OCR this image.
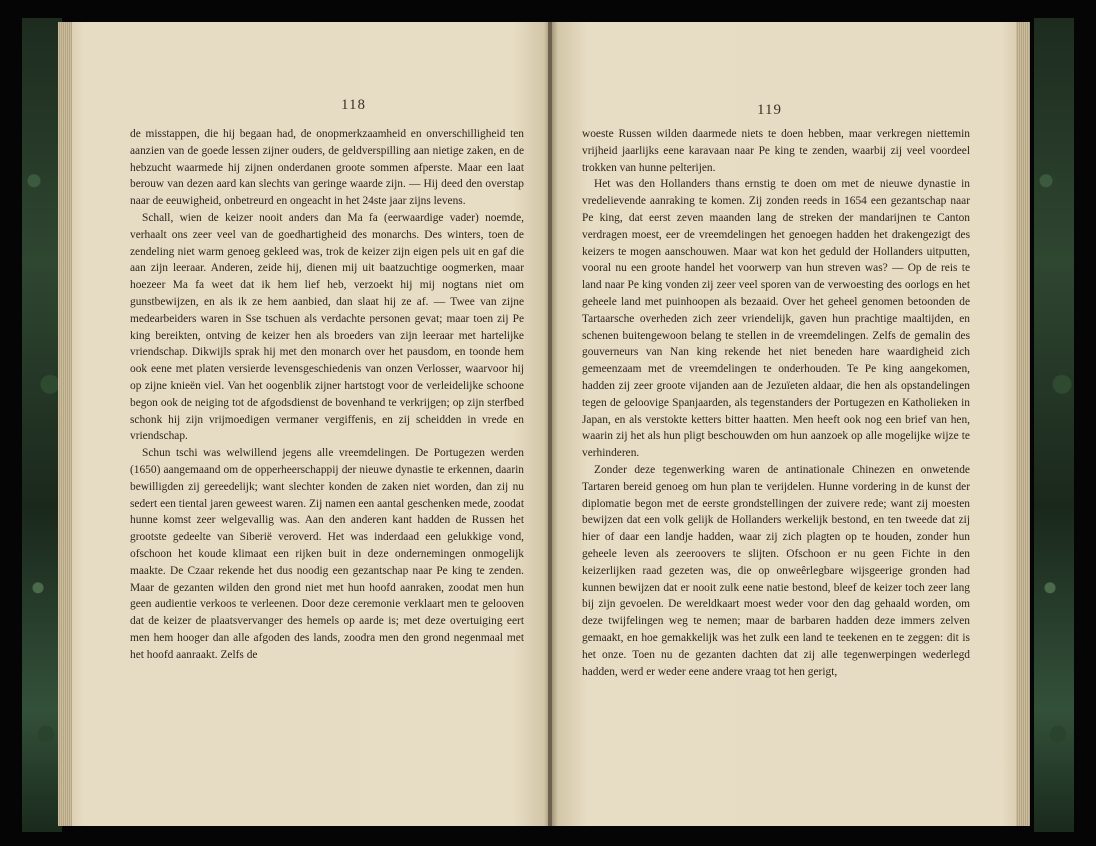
118

de misstappen, die hij begaan had, de onopmerkzaamheid en onverschilligheid ten aanzien van de goede lessen zijner ouders, de geldverspilling aan nietige zaken, en de hebzucht waarmede hij zijnen onderdanen groote sommen afperste. Maar een laat berouw van dezen aard kan slechts van geringe waarde zijn. — Hij deed den overstap naar de eeuwigheid, onbetreurd en ongeacht in het 24ste jaar zijns levens.

Schall, wien de keizer nooit anders dan Ma fa (eerwaardige vader) noemde, verhaalt ons zeer veel van de goedhartigheid des monarchs. Des winters, toen de zendeling niet warm genoeg gekleed was, trok de keizer zijn eigen pels uit en gaf die aan zijn leeraar. Anderen, zeide hij, dienen mij uit baatzuchtige oogmerken, maar hoezeer Ma fa weet dat ik hem lief heb, verzoekt hij mij nogtans niet om gunstbewijzen, en als ik ze hem aanbied, dan slaat hij ze af. — Twee van zijne medearbeiders waren in Sse tschuen als verdachte personen gevat; maar toen zij Pe king bereikten, ontving de keizer hen als broeders van zijn leeraar met hartelijke vriendschap. Dikwijls sprak hij met den monarch over het pausdom, en toonde hem ook eene met platen versierde levensgeschiedenis van onzen Verlosser, waarvoor hij op zijne knieën viel. Van het oogenblik zijner hartstogt voor de verleidelijke schoone begon ook de neiging tot de afgodsdienst de bovenhand te verkrijgen; op zijn sterfbed schonk hij zijn vrijmoedigen vermaner vergiffenis, en zij scheidden in vrede en vriendschap.

Schun tschi was welwillend jegens alle vreemdelingen. De Portugezen werden (1650) aangemaand om de opperheerschappij der nieuwe dynastie te erkennen, daarin bewilligden zij gereedelijk; want slechter konden de zaken niet worden, dan zij nu sedert een tiental jaren geweest waren. Zij namen een aantal geschenken mede, zoodat hunne komst zeer welgevallig was. Aan den anderen kant hadden de Russen het grootste gedeelte van Siberië veroverd. Het was inderdaad een gelukkige vond, ofschoon het koude klimaat een rijken buit in deze ondernemingen onmogelijk maakte. De Czaar rekende het dus noodig een gezantschap naar Pe king te zenden. Maar de gezanten wilden den grond niet met hun hoofd aanraken, zoodat men hun geen audientie verkoos te verleenen. Door deze ceremonie verklaart men te gelooven dat de keizer de plaatsvervanger des hemels op aarde is; met deze overtuiging eert men hem hooger dan alle afgoden des lands, zoodra men den grond negenmaal met het hoofd aanraakt. Zelfs de

119

woeste Russen wilden daarmede niets te doen hebben, maar verkregen niettemin vrijheid jaarlijks eene karavaan naar Pe king te zenden, waarbij zij veel voordeel trokken van hunne pelterijen.

Het was den Hollanders thans ernstig te doen om met de nieuwe dynastie in vredelievende aanraking te komen. Zij zonden reeds in 1654 een gezantschap naar Pe king, dat eerst zeven maanden lang de streken der mandarijnen te Canton verdragen moest, eer de vreemdelingen het genoegen hadden het drakengezigt des keizers te mogen aanschouwen. Maar wat kon het geduld der Hollanders uitputten, vooral nu een groote handel het voorwerp van hun streven was? — Op de reis te land naar Pe king vonden zij zeer veel sporen van de verwoesting des oorlogs en het geheele land met puinhoopen als bezaaid. Over het geheel genomen betoonden de Tartaarsche overheden zich zeer vriendelijk, gaven hun prachtige maaltijden, en schenen buitengewoon belang te stellen in de vreemdelingen. Zelfs de gemalin des gouverneurs van Nan king rekende het niet beneden hare waardigheid zich gemeenzaam met de vreemdelingen te onderhouden. Te Pe king aangekomen, hadden zij zeer groote vijanden aan de Jezuïeten aldaar, die hen als opstandelingen tegen de geloovige Spanjaarden, als tegenstanders der Portugezen en Katholieken in Japan, en als verstokte ketters bitter haatten. Men heeft ook nog een brief van hen, waarin zij het als hun pligt beschouwden om hun aanzoek op alle mogelijke wijze te verhinderen.

Zonder deze tegenwerking waren de antinationale Chinezen en onwetende Tartaren bereid genoeg om hun plan te verijdelen. Hunne vordering in de kunst der diplomatie begon met de eerste grondstellingen der zuivere rede; want zij moesten bewijzen dat een volk gelijk de Hollanders werkelijk bestond, en ten tweede dat zij hier of daar een landje hadden, waar zij zich plagten op te houden, zonder hun geheele leven als zeeroovers te slijten. Ofschoon er nu geen Fichte in den keizerlijken raad gezeten was, die op onweêrlegbare wijsgeerige gronden had kunnen bewijzen dat er nooit zulk eene natie bestond, bleef de keizer toch zeer lang bij zijn gevoelen. De wereldkaart moest weder voor den dag gehaald worden, om deze twijfelingen weg te nemen; maar de barbaren hadden deze immers zelven gemaakt, en hoe gemakkelijk was het zulk een land te teekenen en te zeggen: dit is het onze. Toen nu de gezanten dachten dat zij alle tegenwerpingen wederlegd hadden, werd er weder eene andere vraag tot hen gerigt,
